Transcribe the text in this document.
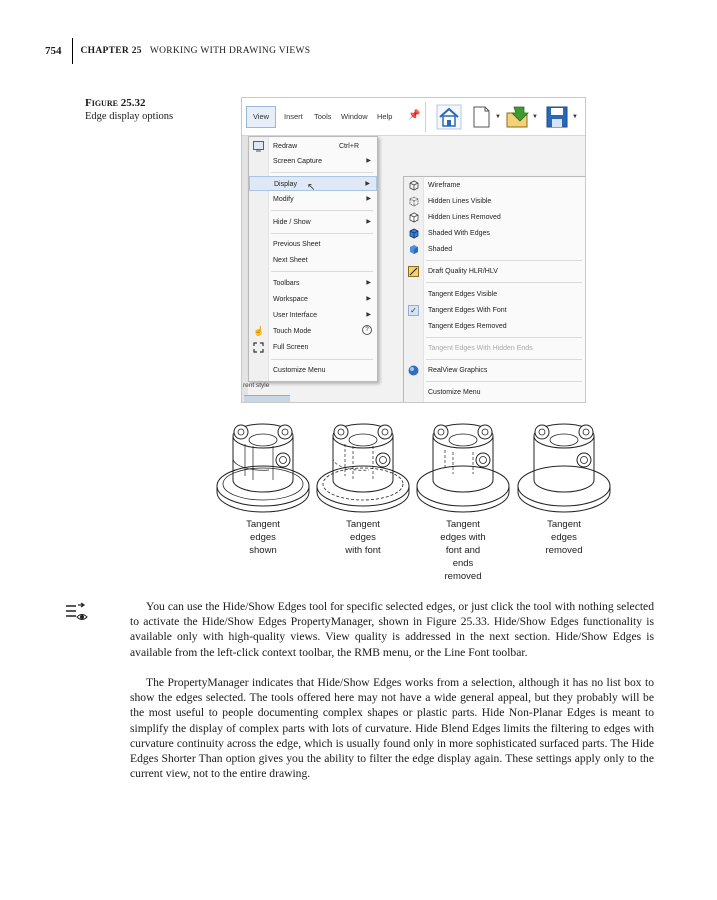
754 CHAPTER 25 WORKING WITH DRAWING VIEWS
Figure 25.32
Edge display options	View	Insert Tools Window Help 📌	▼	▼	▼
rent style
Redraw	Ctrl+R
Screen Capture	▶
Display	▶
↖
Modify	▶
Hide / Show	▶
Previous Sheet
Next Sheet
Toolbars	▶
Workspace	▶
User Interface	▶
☝ Touch Mode	?
Full Screen
Customize Menu
Wireframe
Hidden Lines Visible
Hidden Lines Removed
Shaded With Edges
Shaded
Draft Quality HLR/HLV
Tangent Edges Visible
✓	Tangent Edges With Font
Tangent Edges Removed
Tangent Edges With Hidden Ends
RealView Graphics
Customize Menu
Tangent
edges
shown
Tangent
edges
with font
Tangent
edges with
font and
ends
removed
Tangent
edges
removed

You can use the Hide/Show Edges tool for specific selected edges, or just click the tool with nothing selected to activate the Hide/Show Edges PropertyManager, shown in Figure 25.33. Hide/Show Edges functionality is available only with high-quality views. View quality is addressed in the next section. Hide/Show Edges is available from the left-click context toolbar, the RMB menu, or the Line Font toolbar.

The PropertyManager indicates that Hide/Show Edges works from a selection, although it has no list box to show the edges selected. The tools offered here may not have a wide general appeal, but they probably will be the most useful to people documenting complex shapes or plastic parts. Hide Non-Planar Edges is meant to simplify the display of complex parts with lots of curvature. Hide Blend Edges limits the filtering to edges with curvature continuity across the edge, which is usually found only in more sophisticated surfaced parts. The Hide Edges Shorter Than option gives you the ability to filter the edge display again. These settings apply only to the current view, not to the entire drawing.
